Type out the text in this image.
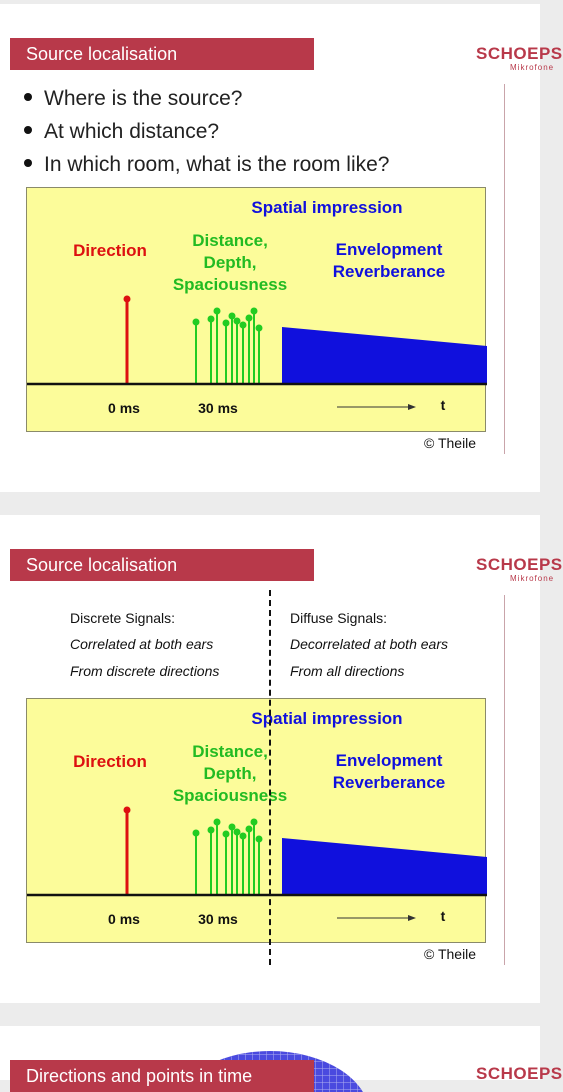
Source localisation	SCHOEPS
Mikrofone
Where is the source?
At which distance?
In which room, what is the room like?
Spatial impression
Direction
Distance,
Depth,
Spaciousness
Envelopment
Reverberance
0 ms	30 ms	t
© Theile
Source localisation	SCHOEPS
Mikrofone
Discrete Signals:
Correlated at both ears
From discrete directions
Diffuse Signals:
Decorrelated at both ears
From all directions
Spatial impression
Direction
Distance,
Depth,
Spaciousness
Envelopment
Reverberance
0 ms	30 ms	t
© Theile
Directions and points in time	SCHOEPS
